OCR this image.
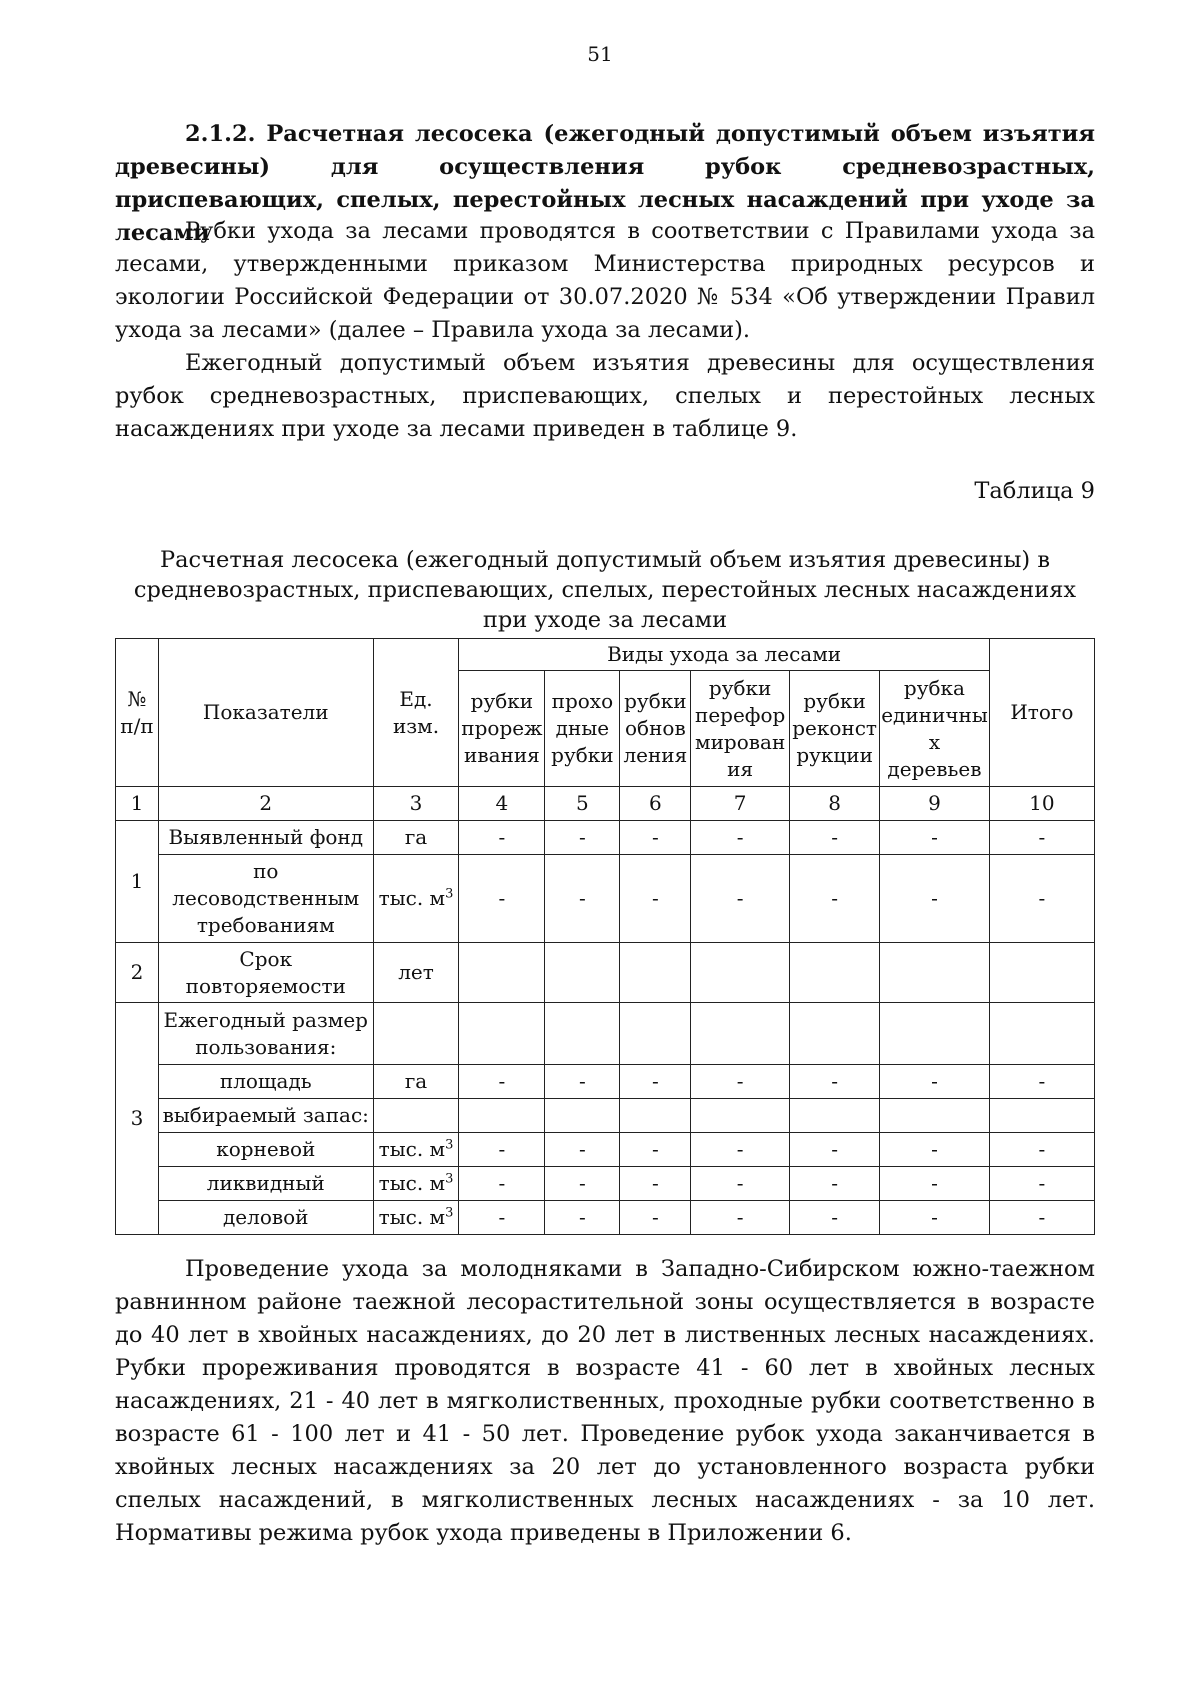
51

2.1.2. Расчетная лесосека (ежегодный допустимый объем изъятия древесины) для осуществления рубок средневозрастных, приспевающих, спелых, перестойных лесных насаждений при уходе за лесами

Рубки ухода за лесами проводятся в соответствии с Правилами ухода за лесами, утвержденными приказом Министерства природных ресурсов и экологии Российской Федерации от 30.07.2020 № 534 «Об утверждении Правил ухода за лесами» (далее – Правила ухода за лесами).

Ежегодный допустимый объем изъятия древесины для осуществления рубок средневозрастных, приспевающих, спелых и перестойных лесных насаждениях при уходе за лесами приведен в таблице 9.

Таблица 9

Расчетная лесосека (ежегодный допустимый объем изъятия древесины) в средневозрастных, приспевающих, спелых, перестойных лесных насаждениях при уходе за лесами

№ п/п	Показатели	Ед. изм.	Виды ухода за лесами						Итого
			рубки прореж ивания	прохо дные рубки	рубки обнов ления	рубки перефор мирован ия	рубки реконст рукции	рубка единичны х деревьев	
1	2	3	4	5	6	7	8	9	10
1	Выявленный фонд	га	-	-	-	-	-	-	-
	по лесоводственным требованиям	тыс. $м^3$	-	-	-	-	-	-	-
2	Срок повторяемости	лет							
3	Ежегодный размер пользования:								
	площадь	га	-	-	-	-	-	-	-
	выбираемый запас:								
	корневой	тыс. $м^3$	-	-	-	-	-	-	-
	ликвидный	тыс. $м^3$	-	-	-	-	-	-	-
	деловой	тыс. $м^3$	-	-	-	-	-	-	-

Проведение ухода за молодняками в Западно-Сибирском южно-таежном равнинном районе таежной лесорастительной зоны осуществляется в возрасте до 40 лет в хвойных насаждениях, до 20 лет в лиственных лесных насаждениях. Рубки прореживания проводятся в возрасте 41 - 60 лет в хвойных лесных насаждениях, 21 - 40 лет в мягколиственных, проходные рубки соответственно в возрасте 61 - 100 лет и 41 - 50 лет. Проведение рубок ухода заканчивается в хвойных лесных насаждениях за 20 лет до установленного возраста рубки спелых насаждений, в мягколиственных лесных насаждениях - за 10 лет. Нормативы режима рубок ухода приведены в Приложении 6.
